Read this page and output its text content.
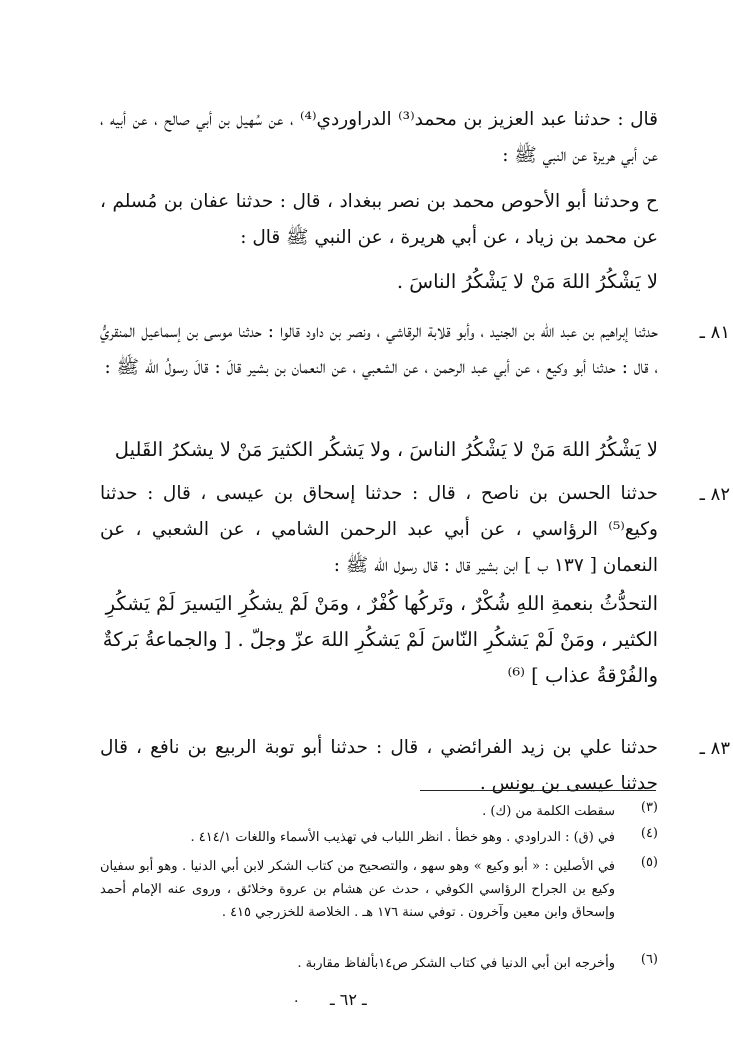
قال : حدثنا عبد العزيز بن محمد⁽³⁾ الدراوردي⁽⁴⁾ ، عن سُهيل بن أبي صالح ، عن أبيه ، عن أبي هريرة عن النبي ﷺ :

ح وحدثنا أبو الأحوص محمد بن نصر ببغداد ، قال : حدثنا عفان بن مُسلم ، عن محمد بن زياد ، عن أبي هريرة ، عن النبي ﷺ قال :

لا يَشْكُرُ اللهَ مَنْ لا يَشْكُرُ الناسَ .

٨١ ـ

حدثنا إبراهيم بن عبد الله بن الجنيد ، وأبو قلابة الرقاشي ، ونصر بن داود قالوا : حدثنا موسى بن إسماعيل المنقريُّ ، قال : حدثنا أبو وكيع ، عن أبي عبد الرحمن ، عن الشعبي ، عن النعمان بن بشير قالَ : قالَ رسولُ الله ﷺ :

لا يَشْكُرُ اللهَ مَنْ لا يَشْكُرُ الناسَ ، ولا يَشكُر الكثيرَ مَنْ لا يشكرُ القَليل

٨٢ ـ

حدثنا الحسن بن ناصح ، قال : حدثنا إسحاق بن عيسى ، قال : حدثنا وكيع⁽⁵⁾ الرؤاسي ، عن أبي عبد الرحمن الشامي ، عن الشعبي ، عن النعمان [ ١٣٧ ب ] ابن بشير قال : قال رسول الله ﷺ :

التحدُّثُ بنعمةِ اللهِ شُكْرٌ ، وتَركُها كُفْرٌ ، ومَنْ لَمْ يشكُرِ اليَسيرَ لَمْ يَشكُرِ الكثير ، ومَنْ لَمْ يَشكُرِ النّاسَ لَمْ يَشكُرِ اللهَ عزّ وجلّ . [ والجماعةُ بَركةٌ والفُرْقةُ عذاب ] ⁽⁶⁾

٨٣ ـ

حدثنا علي بن زيد الفرائضي ، قال : حدثنا أبو توبة الربيع بن نافع ، قال حدثنا عيسى بن يونس .

(٣)

سقطت الكلمة من (ك) .

(٤)

في (ق) : الدراودي . وهو خطأ . انظر اللباب في تهذيب الأسماء واللغات ٤١٤/١ .

(٥)

في الأصلين : « أبو وكيع » وهو سهو ، والتصحيح من كتاب الشكر لابن أبي الدنيا . وهو أبو سفيان وكيع بن الجراح الرؤاسي الكوفي ، حدث عن هشام بن عروة وخلائق ، وروى عنه الإمام أحمد وإسحاق وابن معين وآخرون . توفي سنة ١٧٦ هـ . الخلاصة للخزرجي ٤١٥ .

(٦)

وأخرجه ابن أبي الدنيا في كتاب الشكر ص١٤بألفاظ مقاربة .

. ـ ٦٢ ـ
